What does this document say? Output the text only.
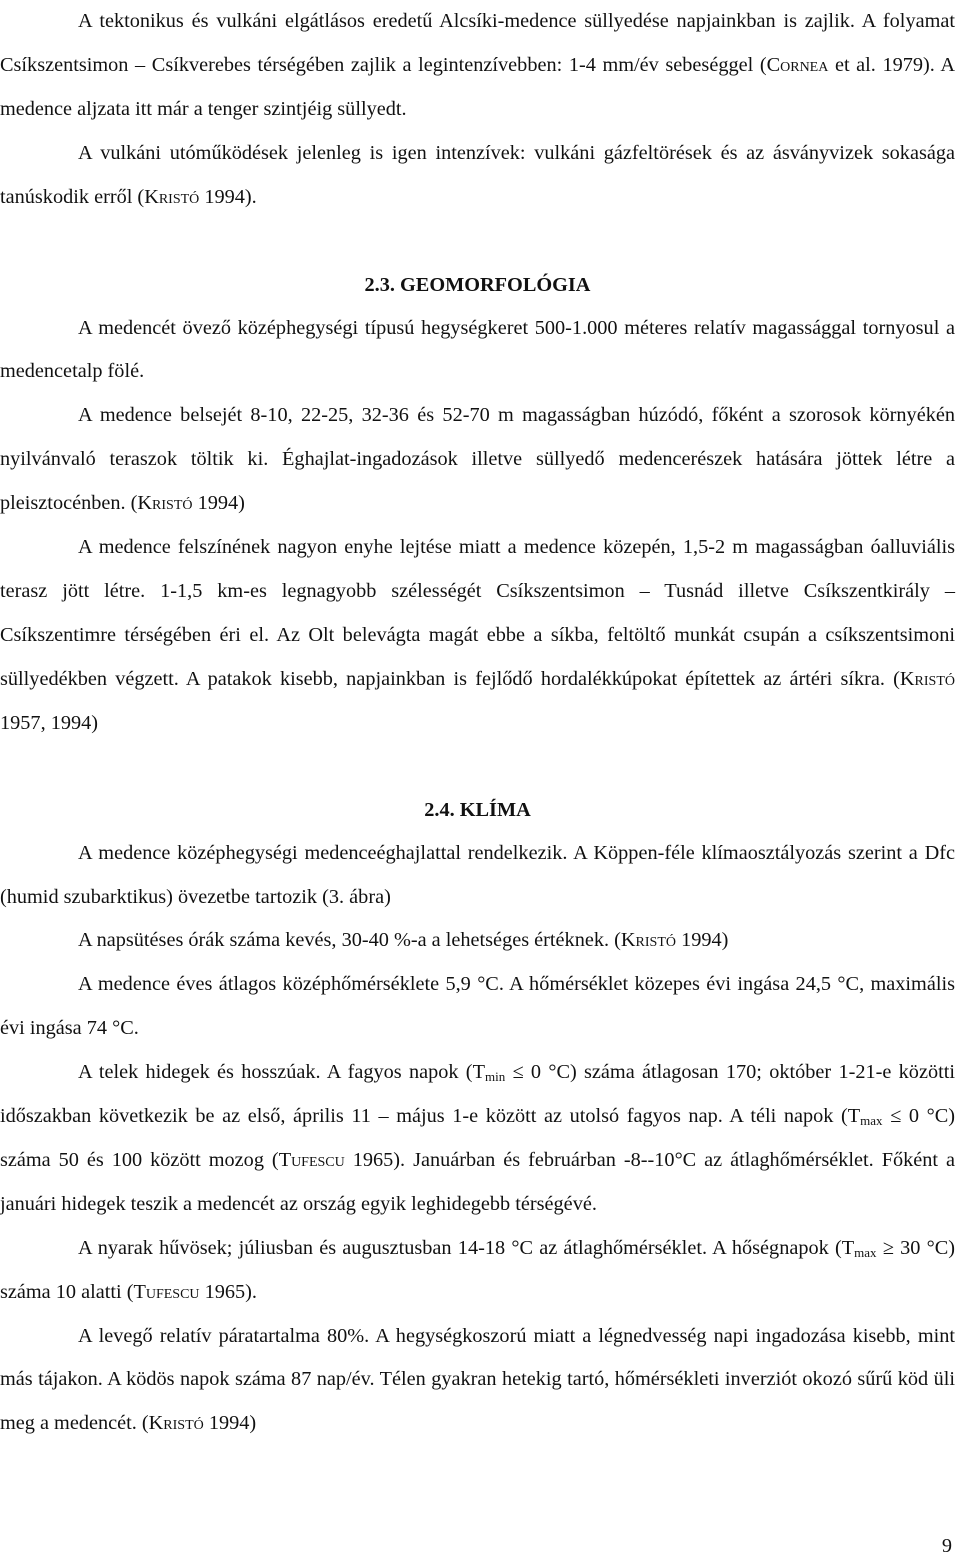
A tektonikus és vulkáni elgátlásos eredetű Alcsíki-medence süllyedése napjainkban is zajlik. A folyamat Csíkszentsimon – Csíkverebes térségében zajlik a legintenzívebben: 1-4 mm/év sebeséggel (Cornea et al. 1979). A medence aljzata itt már a tenger szintjéig süllyedt.

A vulkáni utóműködések jelenleg is igen intenzívek: vulkáni gázfeltörések és az ásványvizek sokasága tanúskodik erről (Kristó 1994).

2.3. GEOMORFOLÓGIA

A medencét övező középhegységi típusú hegységkeret 500-1.000 méteres relatív magassággal tornyosul a medencetalp fölé.

A medence belsejét 8-10, 22-25, 32-36 és 52-70 m magasságban húzódó, főként a szorosok környékén nyilvánvaló teraszok töltik ki. Éghajlat-ingadozások illetve süllyedő medencerészek hatására jöttek létre a pleisztocénben. (Kristó 1994)

A medence felszínének nagyon enyhe lejtése miatt a medence közepén, 1,5-2 m magasságban óalluviális terasz jött létre. 1-1,5 km-es legnagyobb szélességét Csíkszentsimon – Tusnád illetve Csíkszentkirály – Csíkszentimre térségében éri el. Az Olt belevágta magát ebbe a síkba, feltöltő munkát csupán a csíkszentsimoni süllyedékben végzett. A patakok kisebb, napjainkban is fejlődő hordalékkúpokat építettek az ártéri síkra. (Kristó 1957, 1994)

2.4. KLÍMA

A medence középhegységi medenceéghajlattal rendelkezik. A Köppen-féle klímaosztályozás szerint a Dfc (humid szubarktikus) övezetbe tartozik (3. ábra)

A napsütéses órák száma kevés, 30-40 %-a a lehetséges értéknek. (Kristó 1994)

A medence éves átlagos középhőmérséklete 5,9 °C. A hőmérséklet közepes évi ingása 24,5 °C, maximális évi ingása 74 °C.

A telek hidegek és hosszúak. A fagyos napok ($T_{min} \le 0$ °C) száma átlagosan 170; október 1-21-e közötti időszakban következik be az első, április 11 – május 1-e között az utolsó fagyos nap. A téli napok ($T_{max} \le 0$ °C) száma 50 és 100 között mozog (Tufescu 1965). Januárban és februárban -8--10°C az átlaghőmérséklet. Főként a januári hidegek teszik a medencét az ország egyik leghidegebb térségévé.

A nyarak hűvösek; júliusban és augusztusban 14-18 °C az átlaghőmérséklet. A hőségnapok ($T_{max} \ge 30$ °C) száma 10 alatti (Tufescu 1965).

A levegő relatív páratartalma 80%. A hegységkoszorú miatt a légnedvesség napi ingadozása kisebb, mint más tájakon. A ködös napok száma 87 nap/év. Télen gyakran hetekig tartó, hőmérsékleti inverziót okozó sűrű köd üli meg a medencét. (Kristó 1994)

9
